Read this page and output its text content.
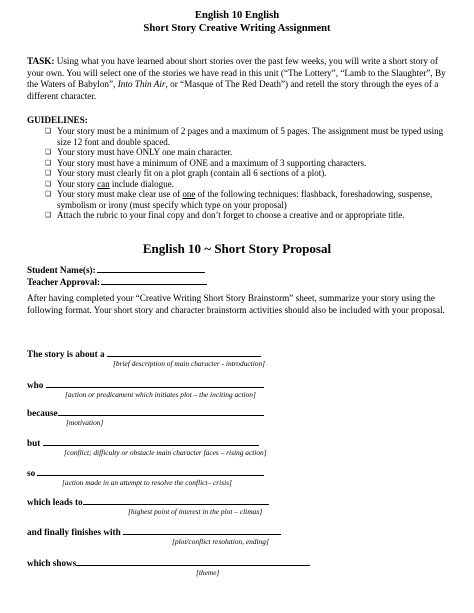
English 10 English
Short Story Creative Writing Assignment
TASK: Using what you have learned about short stories over the past few weeks, you will write a short story of your own. You will select one of the stories we have read in this unit (“The Lottery”, “Lamb to the Slaughter”, By the Waters of Babylon”, Into Thin Air, or “Masque of The Red Death”) and retell the story through the eyes of a different character.
GUIDELINES:
❑ Your story must be a minimum of 2 pages and a maximum of 5 pages. The assignment must be typed using size 12 font and double spaced.
❑ Your story must have ONLY one main character.
❑ Your story must have a minimum of ONE and a maximum of 3 supporting characters.
❑ Your story must clearly fit on a plot graph (contain all 6 sections of a plot).
❑ Your story can include dialogue.
❑ Your story must make clear use of one of the following techniques: flashback, foreshadowing, suspense, symbolism or irony (must specify which type on your proposal)
❑ Attach the rubric to your final copy and don’t forget to choose a creative and or appropriate title.
English 10 ~ Short Story Proposal
Student Name(s):
Teacher Approval:
After having completed your “Creative Writing Short Story Brainstorm” sheet, summarize your story using the following format. Your short story and character brainstorm activities should also be included with your proposal.
The story is about a
[brief description of main character - introduction]
who
[action or predicament which initiates plot – the inciting action]
because
[motivation]
but
[conflict; difficulty or obstacle main character faces – rising action]
so
[action made in an attempt to resolve the conflict– crisis]
which leads to
[highest point of interest in the plot – climax]
and finally finishes with
[plot/conflict resolution, ending]
which shows
[theme]
